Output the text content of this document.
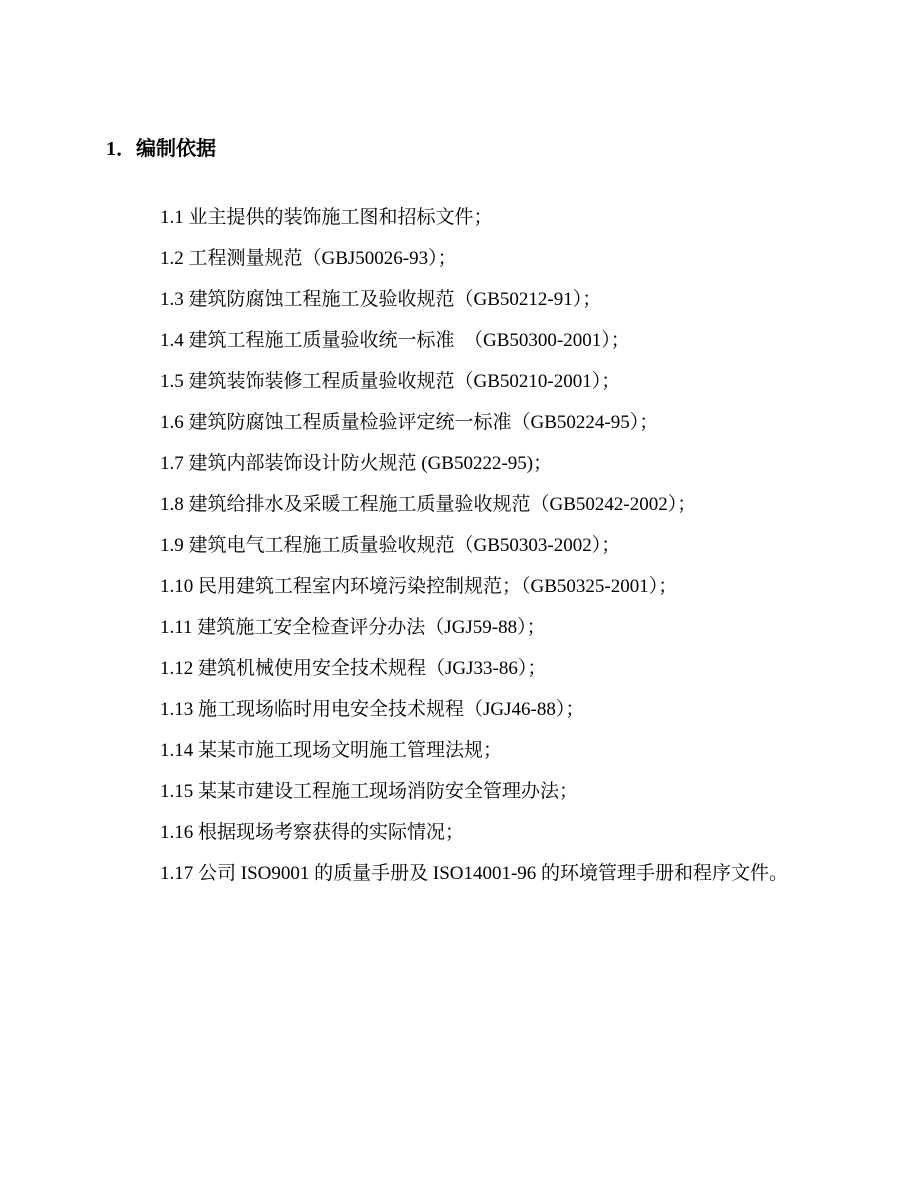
1．编制依据
1.1 业主提供的装饰施工图和招标文件；
1.2 工程测量规范（GBJ50026-93）；
1.3 建筑防腐蚀工程施工及验收规范（GB50212-91）；
1.4 建筑工程施工质量验收统一标准　（GB50300-2001）；
1.5 建筑装饰装修工程质量验收规范（GB50210-2001）；
1.6 建筑防腐蚀工程质量检验评定统一标准（GB50224-95）；
1.7 建筑内部装饰设计防火规范 (GB50222-95)；
1.8 建筑给排水及采暖工程施工质量验收规范（GB50242-2002）；
1.9 建筑电气工程施工质量验收规范（GB50303-2002）；
1.10 民用建筑工程室内环境污染控制规范；（GB50325-2001）；
1.11 建筑施工安全检查评分办法（JGJ59-88）；
1.12 建筑机械使用安全技术规程（JGJ33-86）；
1.13 施工现场临时用电安全技术规程（JGJ46-88）；
1.14 某某市施工现场文明施工管理法规；
1.15 某某市建设工程施工现场消防安全管理办法；
1.16 根据现场考察获得的实际情况；
1.17 公司 ISO9001 的质量手册及 ISO14001-96 的环境管理手册和程序文件。
